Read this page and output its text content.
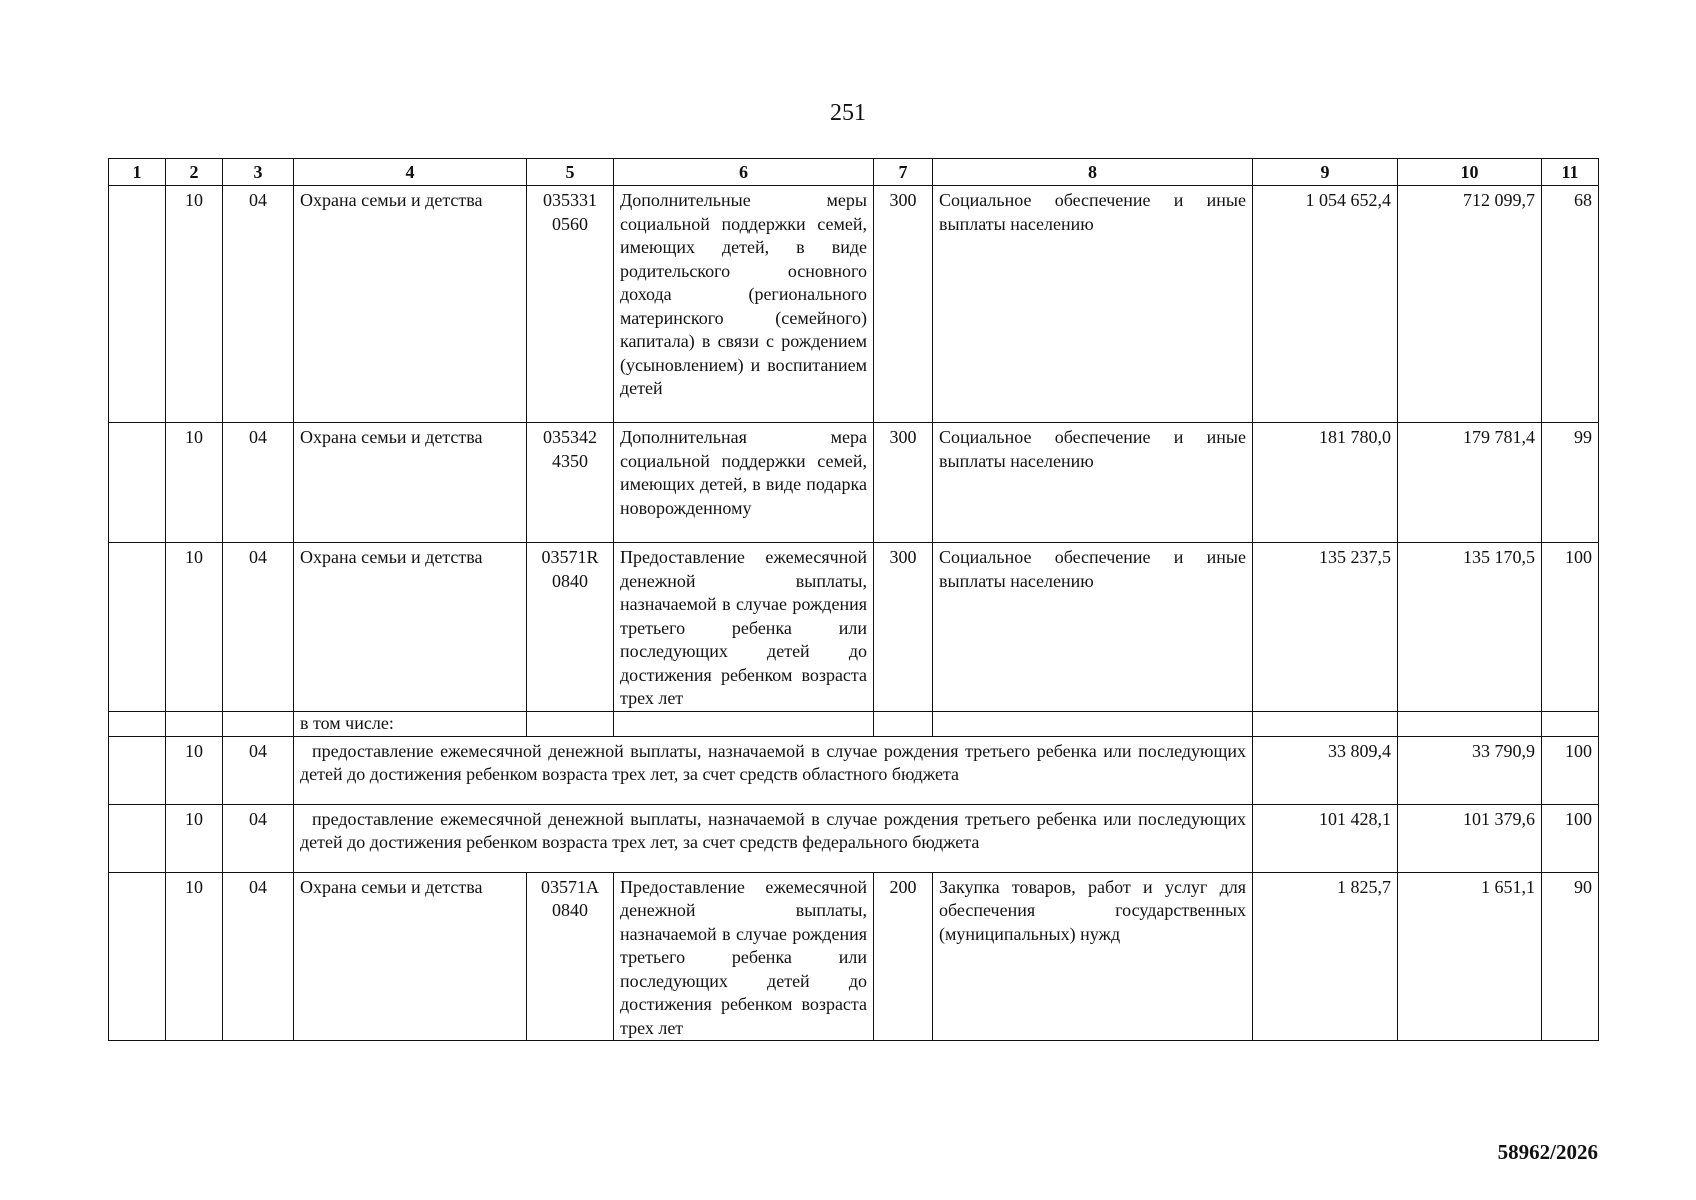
251
1	2	3	4	5	6	7	8	9	10	11
	10	04	Охрана семьи и детства	035331 0560	Дополнительные меры социальной поддержки семей, имеющих детей, в виде родительского основного дохода (регионального материнского (семейного) капитала) в связи с рождением (усыновлением) и воспитанием детей	300	Социальное обеспечение и иные выплаты населению	1 054 652,4	712 099,7	68
	10	04	Охрана семьи и детства	035342 4350	Дополнительная мера социальной поддержки семей, имеющих детей, в виде подарка новорожденному	300	Социальное обеспечение и иные выплаты населению	181 780,0	179 781,4	99
	10	04	Охрана семьи и детства	03571R 0840	Предоставление ежемесячной денежной выплаты, назначаемой в случае рождения третьего ребенка или последующих детей до достижения ребенком возраста трех лет	300	Социальное обеспечение и иные выплаты населению	135 237,5	135 170,5	100
			в том числе:							
	10	04	предоставление ежемесячной денежной выплаты, назначаемой в случае рождения третьего ребенка или последующих детей до достижения ребенком возраста трех лет, за счет средств областного бюджета					33 809,4	33 790,9	100
	10	04	предоставление ежемесячной денежной выплаты, назначаемой в случае рождения третьего ребенка или последующих детей до достижения ребенком возраста трех лет, за счет средств федерального бюджета					101 428,1	101 379,6	100
	10	04	Охрана семьи и детства	03571A 0840	Предоставление ежемесячной денежной выплаты, назначаемой в случае рождения третьего ребенка или последующих детей до достижения ребенком возраста трех лет	200	Закупка товаров, работ и услуг для обеспечения государственных (муниципальных) нужд	1 825,7	1 651,1	90
58962/2026
